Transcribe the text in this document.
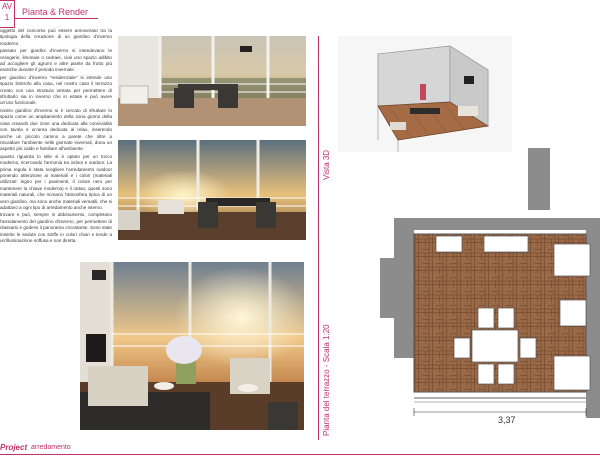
AV
1
Pianta & Render

oggetto del concorso può essere annoverato tra la tipologia della creazione di un giardino d'inverno moderno.

passato per giardini d'inverno si intendevano le orangerie, limonaie o cedraie, cioè uno spazio adibito ad accogliere gli agrumi e altre piante da frutto più esotiche durante il periodo invernale.

per giardino d'inverno "residenziale" si intende uno spazio limitrofo alla casa, nel nostro caso il terrazzo creato con una struttura vetrata per permettere di sfruttarlo sia in inverno che in estate e può avere un'uso funzionale.

nostro giardino d'inverno si è cercato di sfruttare lo spazio come un ampliamento della zona giorno della casa creando due zone una dedicata alla convivialità con tavola e un'area dedicata al relax, inserendo anche un piccolo camino a parete che oltre a riscaldare l'ambiente nelle giornate invernali, dona un aspetto più caldo e familiare all'ambiente.

quanto riguarda lo stile si è optato per un tocco moderno, ricercando l'armonia tra indoor e outdoor. La prima regola è stata scegliere l'arredamento outdoor ponendo attenzione ai materiali e i colori (materiali utilizzati: legno per i pavimenti, il colore nero per mantenere la chiave moderna) e il rattan, questi sono materiali naturali, che ricreano l'atmosfera tipica di un vero giardino, ma sono anche materiali versatili, che si adattano a ogni tipo di arredamento anche interno.

trovare e può, sempre in abbinamento, completano l'arredamento del giardino d'inverno, per permettere di rilassarsi e godersi il panorama circostante. Sono state inserite le sedute con stoffe in colori chiari e tende a un'illuminazione soffusa e non diretta.

3,37
Vista 3D
Pianta del terrazzo - Scala 1:20
Project arredamento
